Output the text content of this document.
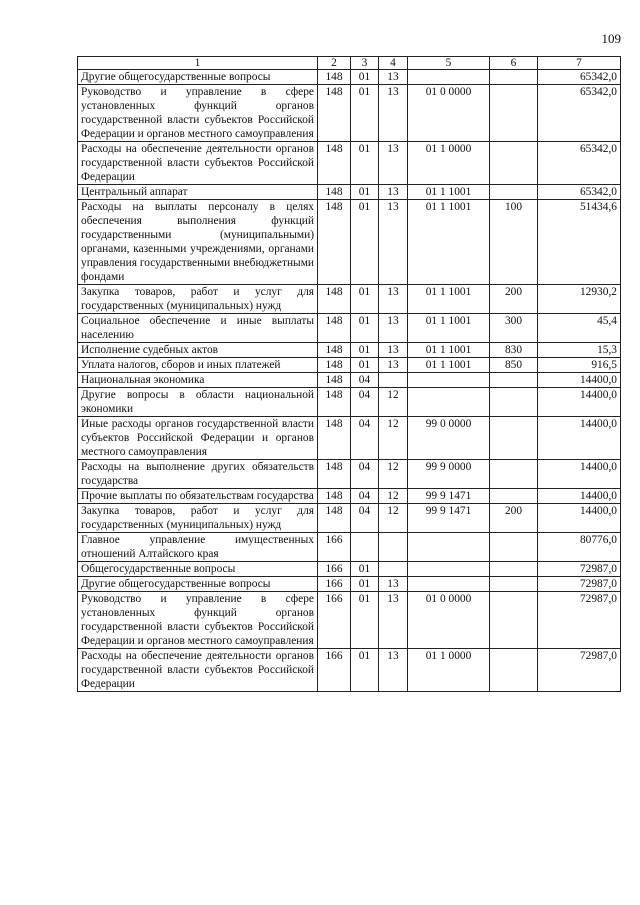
109
1	2	3	4	5	6	7
Другие общегосударственные вопросы	148	01	13			65342,0
Руководство и управление в сфере установленных функций органов государственной власти субъектов Российской Федерации и органов местного самоуправления	148	01	13	01 0 0000		65342,0
Расходы на обеспечение деятельности органов государственной власти субъектов Российской Федерации	148	01	13	01 1 0000		65342,0
Центральный аппарат	148	01	13	01 1 1001		65342,0
Расходы на выплаты персоналу в целях обеспечения выполнения функций государственными (муниципальными) органами, казенными учреждениями, органами управления государственными внебюджетными фондами	148	01	13	01 1 1001	100	51434,6
Закупка товаров, работ и услуг для государственных (муниципальных) нужд	148	01	13	01 1 1001	200	12930,2
Социальное обеспечение и иные выплаты населению	148	01	13	01 1 1001	300	45,4
Исполнение судебных актов	148	01	13	01 1 1001	830	15,3
Уплата налогов, сборов и иных платежей	148	01	13	01 1 1001	850	916,5
Национальная экономика	148	04				14400,0
Другие вопросы в области национальной экономики	148	04	12			14400,0
Иные расходы органов государственной власти субъектов Российской Федерации и органов местного самоуправления	148	04	12	99 0 0000		14400,0
Расходы на выполнение других обязательств государства	148	04	12	99 9 0000		14400,0
Прочие выплаты по обязательствам государства	148	04	12	99 9 1471		14400,0
Закупка товаров, работ и услуг для государственных (муниципальных) нужд	148	04	12	99 9 1471	200	14400,0
Главное управление имущественных отношений Алтайского края	166					80776,0
Общегосударственные вопросы	166	01				72987,0
Другие общегосударственные вопросы	166	01	13			72987,0
Руководство и управление в сфере установленных функций органов государственной власти субъектов Российской Федерации и органов местного самоуправления	166	01	13	01 0 0000		72987,0
Расходы на обеспечение деятельности органов государственной власти субъектов Российской Федерации	166	01	13	01 1 0000		72987,0
